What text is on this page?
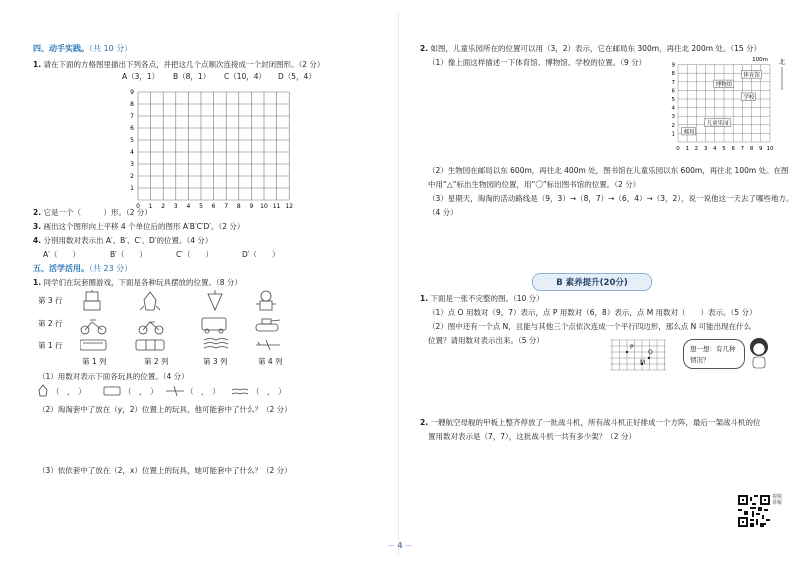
四、动手实践。（共 10 分）
1. 请在下面的方格图里描出下列各点，并把这几个点顺次连接成一个封闭图形。（2 分）
A（3，1） B（8，1） C（10，4） D（5，4）
0 1 2 3 4 5 6 7 8 9 10 11 12
1
2
3
4
5
6
7
8
9
2. 它是一个（　　　）形。（2 分）
3. 画出这个图形向上平移 4 个单位后的图形 A′B′C′D′。（2 分）
4. 分别用数对表示出 A′、B′、C′、D′的位置。（4 分）
A′（　　）	B′（　　）	C′（　　）	D′（　　）
五、活学活用。（共 23 分）
1. 同学们在玩套圈游戏，下面是各种玩具摆放的位置。（8 分）
第 3 行
第 2 行
第 1 行
第 1 列	第 2 列	第 3 列	第 4 列
（1）用数对表示下面各玩具的位置。（4 分）
（　，　）	（　，　）	（　，　）	（　，　）
（2）淘淘套中了放在（y，2）位置上的玩具，他可能套中了什么？（2 分）
（3）依依套中了放在（2，x）位置上的玩具，她可能套中了什么？（2 分）
2. 如图，儿童乐园所在的位置可以用（3，2）表示，它在邮局东 300m，再往北 200m 处。（15 分）
（1）像上面这样描述一下体育馆、博物馆、学校的位置。（9 分）
0 1 2 3 4 5 6 7 8 9 10
1
2
3
4
5
6
7
8
9
体育馆
博物馆
学校
儿童乐园
邮局
100m 北
（2）生物园在邮局以东 600m，再往北 400m 处，图书馆在儿童乐园以东 600m，再往北 100m 处。在图
中用“△”标出生物园的位置，用“〇”标出图书馆的位置。（2 分）
（3）星期天，淘淘的活动路线是（9，3）→（8，7）→（6，4）→（3，2），说一说他这一天去了哪些地方。
（4 分）
B 素养提升(20分)
1. 下面是一张不完整的图。（10 分）
（1）点 O 用数对（9，7）表示，点 P 用数对（6，8）表示，点 M 用数对（　　）表示。（5 分）
（2）图中还有一个点 N，且能与其他三个点依次连成一个平行四边形，那么点 N 可能出现在什么
位置？请用数对表示出来。（5 分）
P
O
M
想一想：有几种
情况？
2. 一艘航空母舰的甲板上整齐停放了一批战斗机，所有战斗机正好排成一个方阵，最后一架战斗机的位
置用数对表示是（7，7），这批战斗机一共有多少架？（2 分）
视频讲解
— 4 —
